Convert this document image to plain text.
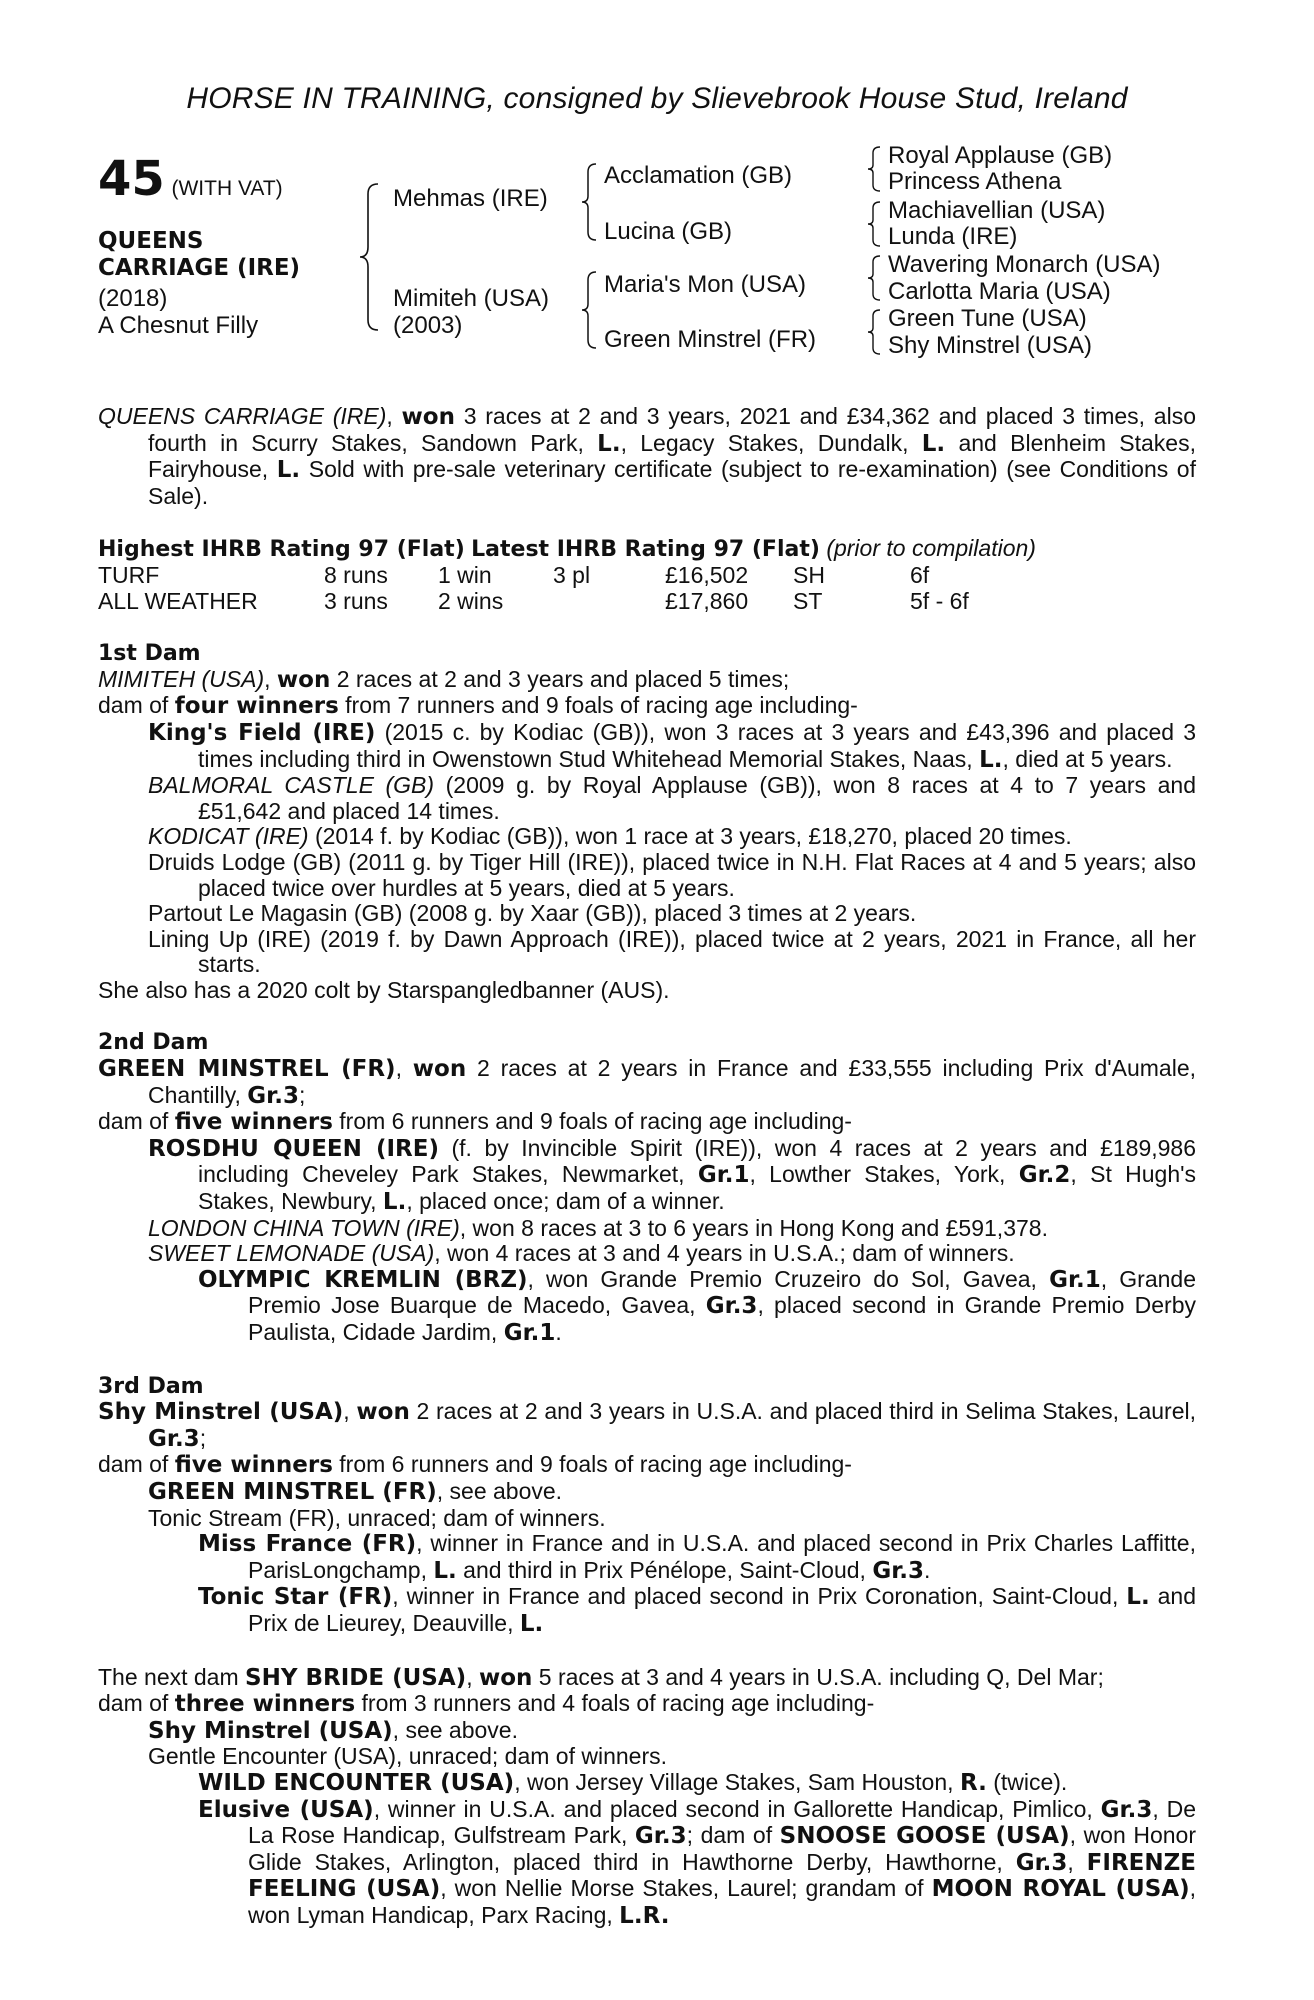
HORSE IN TRAINING, consigned by Slievebrook House Stud, Ireland
45 (WITH VAT)
QUEENS
CARRIAGE (IRE)
(2018)
A Chesnut Filly
Mehmas (IRE)
Mimiteh (USA)
(2003)
Acclamation (GB)
Lucina (GB)
Maria's Mon (USA)
Green Minstrel (FR)
Royal Applause (GB)
Princess Athena
Machiavellian (USA)
Lunda (IRE)
Wavering Monarch (USA)
Carlotta Maria (USA)
Green Tune (USA)
Shy Minstrel (USA)

QUEENS CARRIAGE (IRE), won 3 races at 2 and 3 years, 2021 and £34,362 and placed 3 times, also fourth in Scurry Stakes, Sandown Park, L., Legacy Stakes, Dundalk, L. and Blenheim Stakes, Fairyhouse, L. Sold with pre-sale veterinary certificate (subject to re-examination) (see Conditions of Sale).

Highest IHRB Rating 97 (Flat) Latest IHRB Rating 97 (Flat) (prior to compilation)
TURF	8 runs	1 win	3 pl	£16,502	SH	6f
ALL WEATHER	3 runs	2 wins		£17,860	ST	5f - 6f
1st Dam

MIMITEH (USA), won 2 races at 2 and 3 years and placed 5 times;

dam of four winners from 7 runners and 9 foals of racing age including-

King's Field (IRE) (2015 c. by Kodiac (GB)), won 3 races at 3 years and £43,396 and placed 3 times including third in Owenstown Stud Whitehead Memorial Stakes, Naas, L., died at 5 years.

BALMORAL CASTLE (GB) (2009 g. by Royal Applause (GB)), won 8 races at 4 to 7 years and £51,642 and placed 14 times.

KODICAT (IRE) (2014 f. by Kodiac (GB)), won 1 race at 3 years, £18,270, placed 20 times.

Druids Lodge (GB) (2011 g. by Tiger Hill (IRE)), placed twice in N.H. Flat Races at 4 and 5 years; also placed twice over hurdles at 5 years, died at 5 years.

Partout Le Magasin (GB) (2008 g. by Xaar (GB)), placed 3 times at 2 years.

Lining Up (IRE) (2019 f. by Dawn Approach (IRE)), placed twice at 2 years, 2021 in France, all her starts.

She also has a 2020 colt by Starspangledbanner (AUS).

2nd Dam

GREEN MINSTREL (FR), won 2 races at 2 years in France and £33,555 including Prix d'Aumale, Chantilly, Gr.3;

dam of five winners from 6 runners and 9 foals of racing age including-

ROSDHU QUEEN (IRE) (f. by Invincible Spirit (IRE)), won 4 races at 2 years and £189,986 including Cheveley Park Stakes, Newmarket, Gr.1, Lowther Stakes, York, Gr.2, St Hugh's Stakes, Newbury, L., placed once; dam of a winner.

LONDON CHINA TOWN (IRE), won 8 races at 3 to 6 years in Hong Kong and £591,378.

SWEET LEMONADE (USA), won 4 races at 3 and 4 years in U.S.A.; dam of winners.

OLYMPIC KREMLIN (BRZ), won Grande Premio Cruzeiro do Sol, Gavea, Gr.1, Grande Premio Jose Buarque de Macedo, Gavea, Gr.3, placed second in Grande Premio Derby Paulista, Cidade Jardim, Gr.1.

3rd Dam

Shy Minstrel (USA), won 2 races at 2 and 3 years in U.S.A. and placed third in Selima Stakes, Laurel, Gr.3;

dam of five winners from 6 runners and 9 foals of racing age including-

GREEN MINSTREL (FR), see above.

Tonic Stream (FR), unraced; dam of winners.

Miss France (FR), winner in France and in U.S.A. and placed second in Prix Charles Laffitte, ParisLongchamp, L. and third in Prix Pénélope, Saint-Cloud, Gr.3.

Tonic Star (FR), winner in France and placed second in Prix Coronation, Saint-Cloud, L. and Prix de Lieurey, Deauville, L.

The next dam SHY BRIDE (USA), won 5 races at 3 and 4 years in U.S.A. including Q, Del Mar;

dam of three winners from 3 runners and 4 foals of racing age including-

Shy Minstrel (USA), see above.

Gentle Encounter (USA), unraced; dam of winners.

WILD ENCOUNTER (USA), won Jersey Village Stakes, Sam Houston, R. (twice).

Elusive (USA), winner in U.S.A. and placed second in Gallorette Handicap, Pimlico, Gr.3, De La Rose Handicap, Gulfstream Park, Gr.3; dam of SNOOSE GOOSE (USA), won Honor Glide Stakes, Arlington, placed third in Hawthorne Derby, Hawthorne, Gr.3, FIRENZE FEELING (USA), won Nellie Morse Stakes, Laurel; grandam of MOON ROYAL (USA), won Lyman Handicap, Parx Racing, L.R.
